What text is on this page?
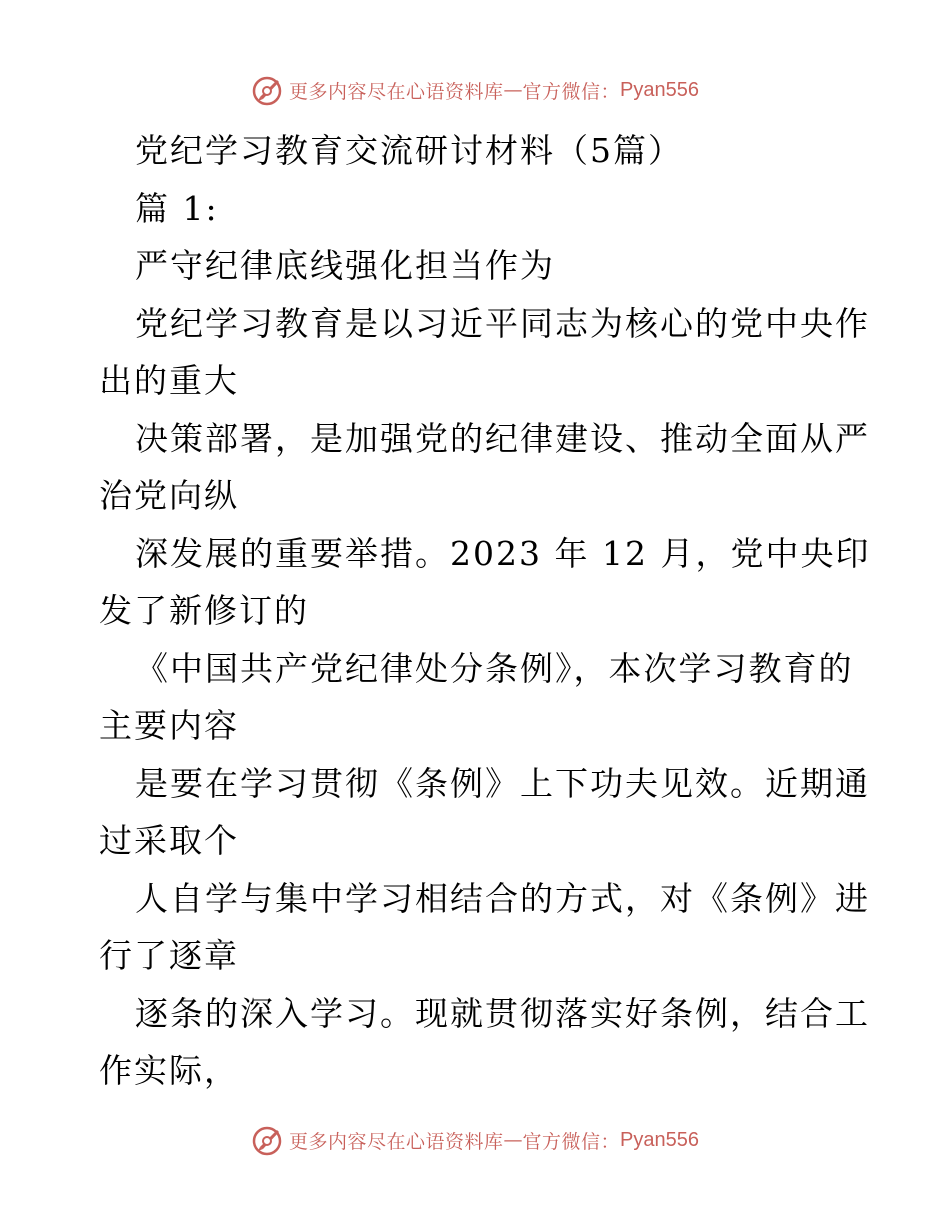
更多内容尽在心语资料库 — 官方微信： Pyan556

党纪学习教育交流研讨材料（5篇）

篇 1:

严守纪律底线强化担当作为

党纪学习教育是以习近平同志为核心的党中央作
出的重大
决策部署，是加强党的纪律建设、推动全面从严
治党向纵
深发展的重要举措。2023 年 12 月，党中央印
发了新修订的
《中国共产党纪律处分条例》，本次学习教育的
主要内容
是要在学习贯彻《条例》上下功夫见效。近期通
过采取个
人自学与集中学习相结合的方式，对《条例》进
行了逐章
逐条的深入学习。现就贯彻落实好条例，结合工
作实际，
更多内容尽在心语资料库 — 官方微信： Pyan556
